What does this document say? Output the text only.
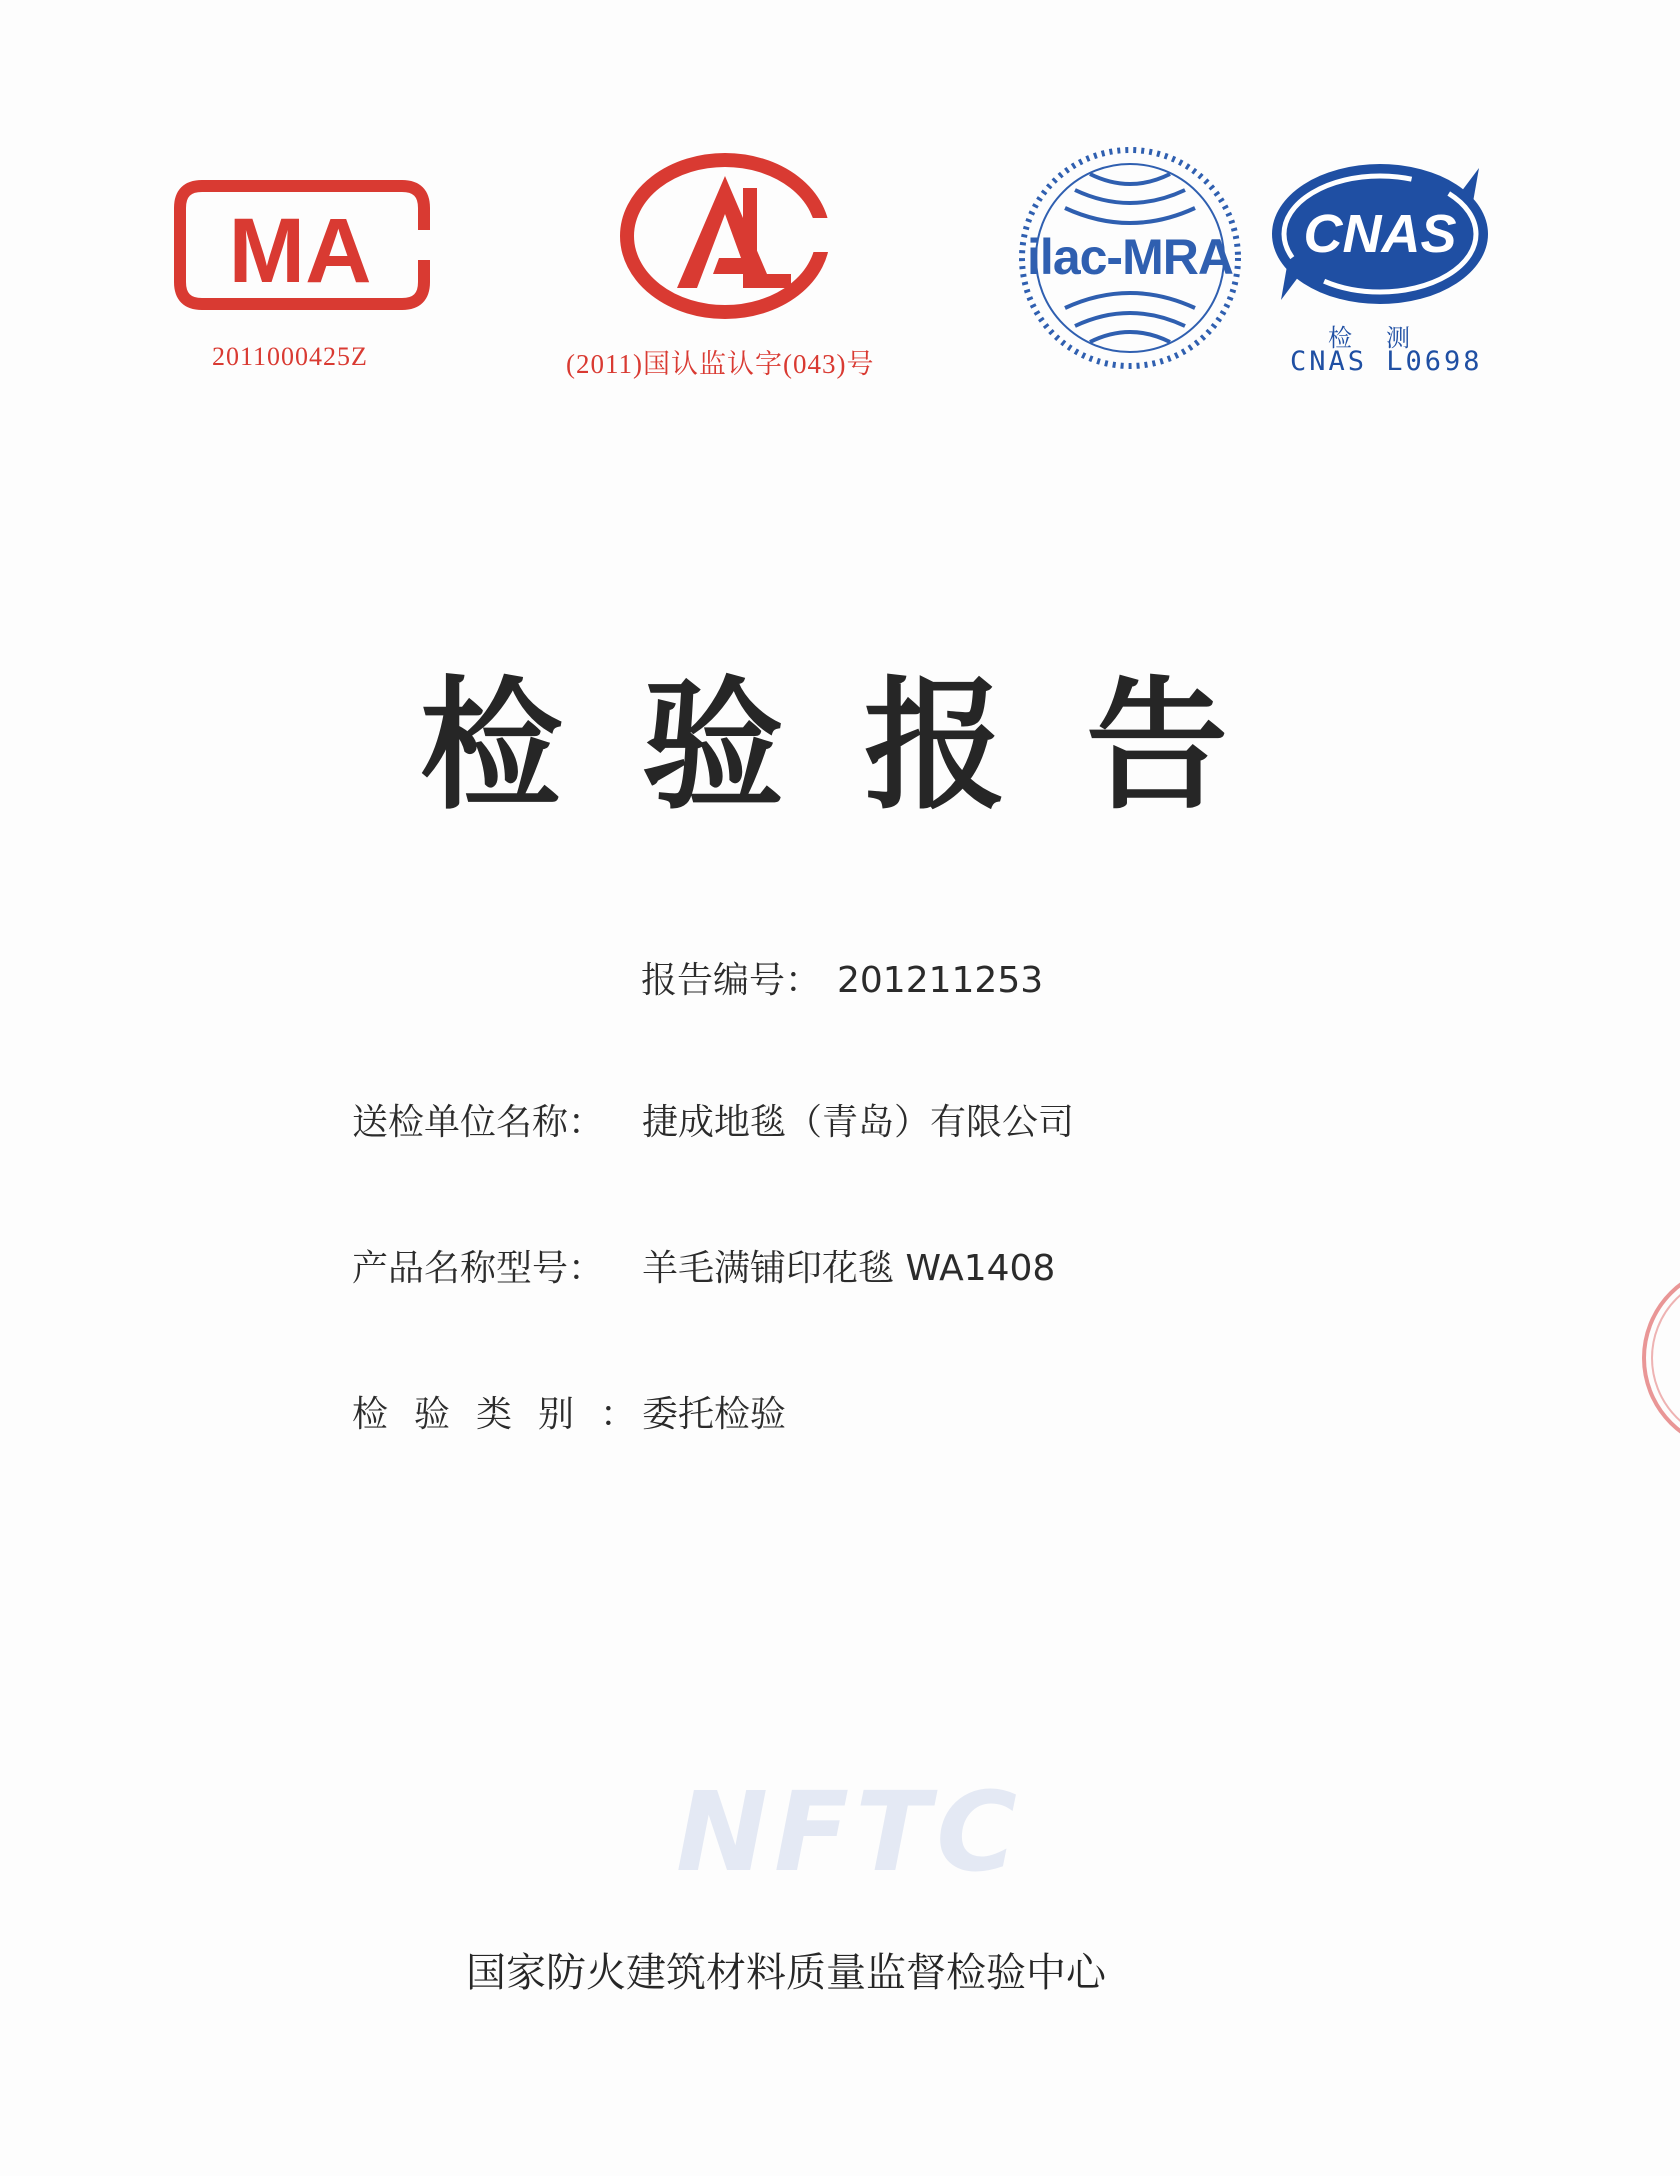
MA
2011000425Z	(2011)国认监认字(043)号
ilac-MRA CNAS
检测
CNAS L0698
检验报告
报告编号： 201211253
送检单位名称： 捷成地毯（青岛）有限公司
产品名称型号： 羊毛满铺印花毯 WA1408
检验类别：委托检验
NFTC
国家防火建筑材料质量监督检验中心
